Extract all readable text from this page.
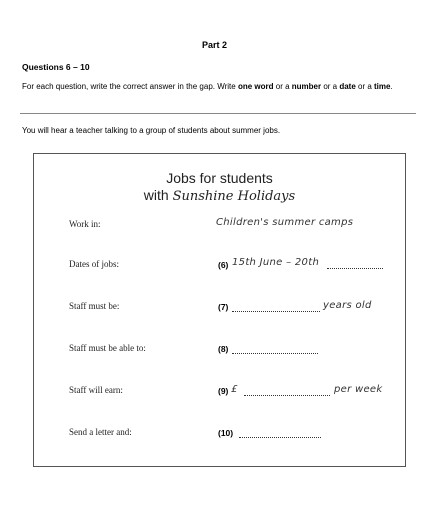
Part 2
Questions 6 – 10
For each question, write the correct answer in the gap. Write one word or a number or a date or a time.
You will hear a teacher talking to a group of students about summer jobs.
Jobs for students
with Sunshine Holidays
Work in:	Children's summer camps
Dates of jobs:	(6) 15th June – 20th
Staff must be:	(7)	years old
Staff must be able to:	(8)
Staff will earn:	(9) £	per week
Send a letter and:	(10)
